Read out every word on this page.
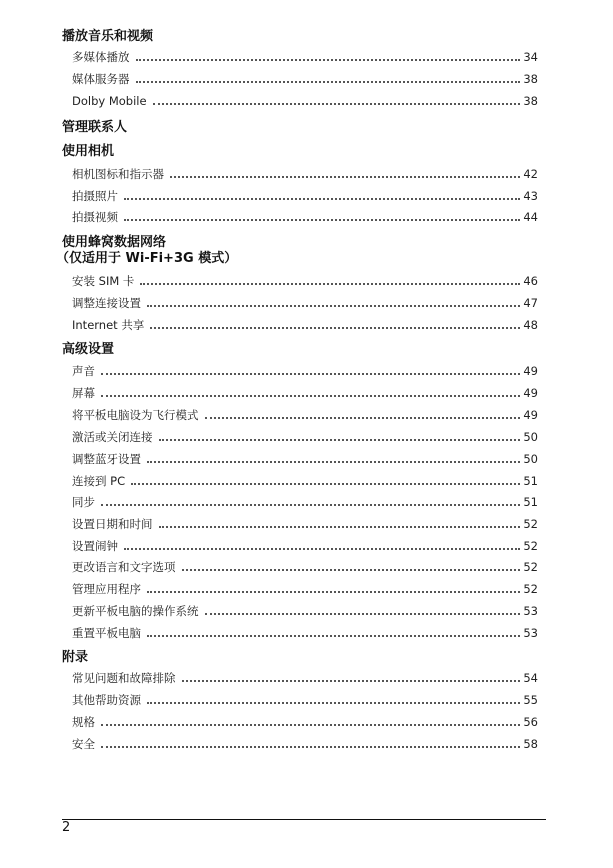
播放音乐和视频
多媒体播放	34
媒体服务器	38
Dolby Mobile	38
管理联系人
使用相机
相机图标和指示器	42
拍摄照片	43
拍摄视频	44
使用蜂窝数据网络
（仅适用于 Wi-Fi+3G 模式）
安装 SIM 卡	46
调整连接设置	47
Internet 共享	48
高级设置
声音	49
屏幕	49
将平板电脑设为飞行模式	49
激活或关闭连接	50
调整蓝牙设置	50
连接到 PC	51
同步	51
设置日期和时间	52
设置闹钟	52
更改语言和文字选项	52
管理应用程序	52
更新平板电脑的操作系统	53
重置平板电脑	53
附录
常见问题和故障排除	54
其他帮助资源	55
规格	56
安全	58
2
